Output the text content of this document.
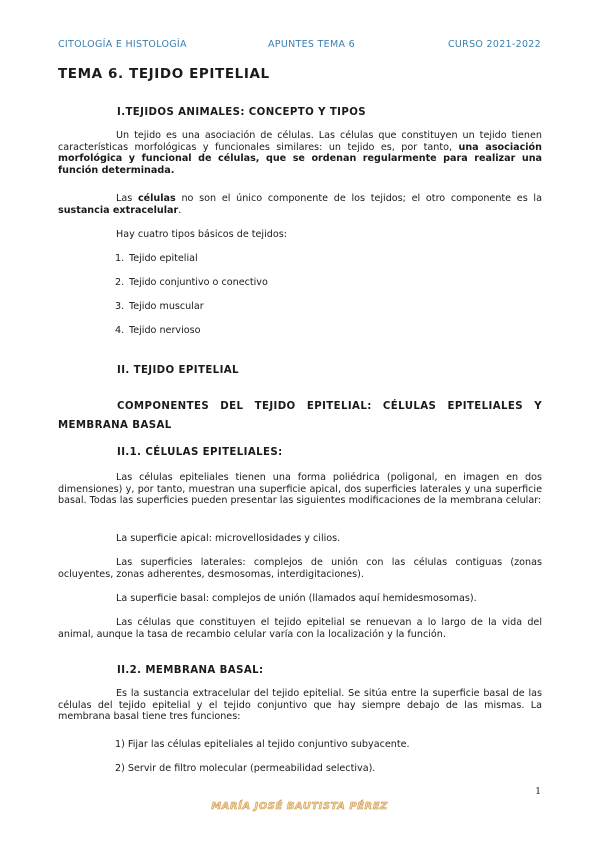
CITOLOGÍA E HISTOLOGÍA	APUNTES TEMA 6	CURSO 2021-2022
TEMA 6. TEJIDO EPITELIAL
I.TEJIDOS ANIMALES: CONCEPTO Y TIPOS
Un tejido es una asociación de células. Las células que constituyen un tejido tienen características morfológicas y funcionales similares: un tejido es, por tanto, una asociación morfológica y funcional de células, que se ordenan regularmente para realizar una función determinada.
Las células no son el único componente de los tejidos; el otro componente es la sustancia extracelular.
Hay cuatro tipos básicos de tejidos:
1. Tejido epitelial
2. Tejido conjuntivo o conectivo
3. Tejido muscular
4. Tejido nervioso
II. TEJIDO EPITELIAL
COMPONENTES DEL TEJIDO EPITELIAL: CÉLULAS EPITELIALES Y
MEMBRANA BASAL
II.1. CÉLULAS EPITELIALES:
Las células epiteliales tienen una forma poliédrica (poligonal, en imagen en dos dimensiones) y, por tanto, muestran una superficie apical, dos superficies laterales y una superficie basal. Todas las superficies pueden presentar las siguientes modificaciones de la membrana celular:
La superficie apical: microvellosidades y cilios.
Las superficies laterales: complejos de unión con las células contiguas (zonas ocluyentes, zonas adherentes, desmosomas, interdigitaciones).
La superficie basal: complejos de unión (llamados aquí hemidesmosomas).
Las células que constituyen el tejido epitelial se renuevan a lo largo de la vida del animal, aunque la tasa de recambio celular varía con la localización y la función.
II.2. MEMBRANA BASAL:
Es la sustancia extracelular del tejido epitelial. Se sitúa entre la superficie basal de las células del tejido epitelial y el tejido conjuntivo que hay siempre debajo de las mismas. La membrana basal tiene tres funciones:
1) Fijar las células epiteliales al tejido conjuntivo subyacente.
2) Servir de filtro molecular (permeabilidad selectiva).
1
MARÍA JOSÉ BAUTISTA PÉREZ
